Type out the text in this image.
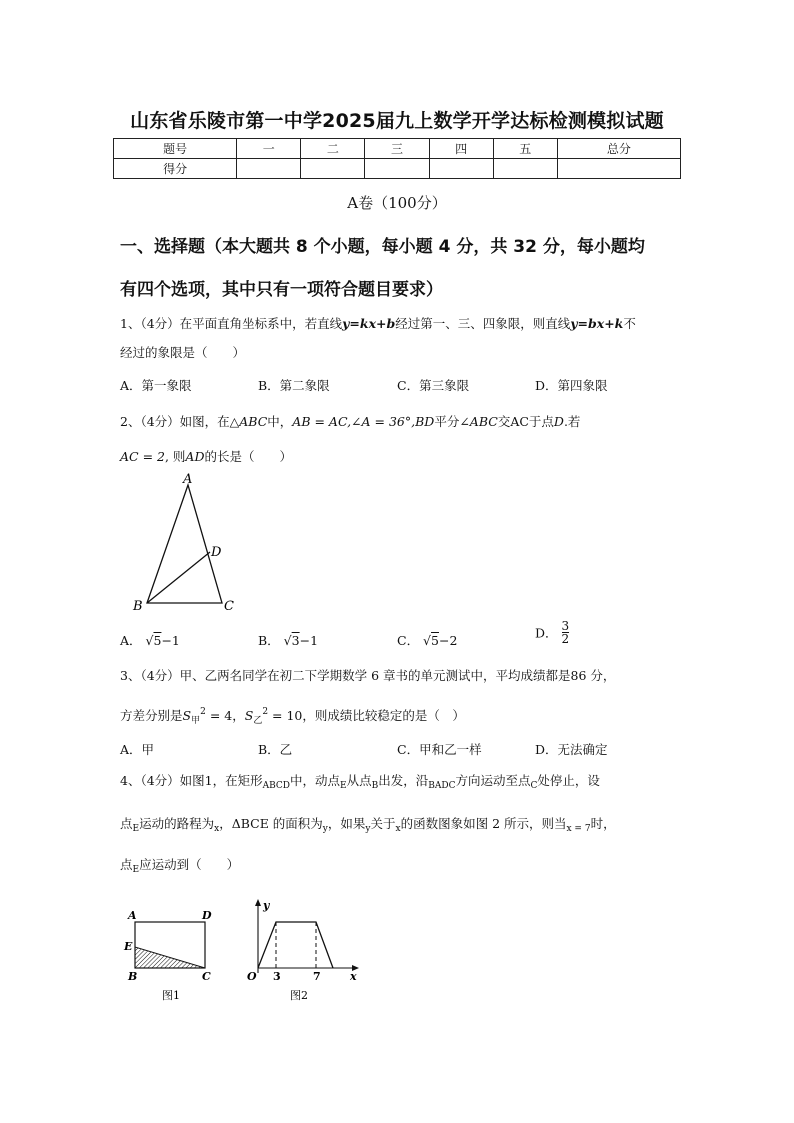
山东省乐陵市第一中学2025届九上数学开学达标检测模拟试题
题号	一	二	三	四	五	总分
得分						
A卷（100分）
一、选择题（本大题共 8 个小题，每小题 4 分，共 32 分，每小题均
有四个选项，其中只有一项符合题目要求）
1、（4分）在平面直角坐标系中，若直线y=kx+b经过第一、三、四象限，则直线y=bx+k不
经过的象限是（　　）
A．第一象限	B．第二象限	C．第三象限	D．第四象限
2、（4分）如图，在△ABC中，AB = AC,∠A = 36°,BD平分∠ABC交AC于点D.若
AC = 2, 则AD的长是（　　）
A
D
B	C
A． √5−1	B． √3−1	C． √5−2	D． $\frac{3}{2}$
3、（4分）甲、乙两名同学在初二下学期数学 6 章书的单元测试中，平均成绩都是86 分，
方差分别是$S_甲^2 = 4$，$S_乙^2 = 10$，则成绩比较稳定的是（　）
A．甲	B．乙	C．甲和乙一样	D．无法确定
4、（4分）如图1，在矩形$_{ABCD}$中，动点$_E$从点$_B$出发，沿$_{BADC}$方向运动至点$_C$处停止，设
点$_E$运动的路程为$_x$，ΔBCE 的面积为$_y$，如果$_y$关于$_x$的函数图象如图 2 所示，则当$_{x = 7}$时，
点$_E$应运动到（　　）
A	D
E
B	C
图1
y
O 3	7	x
图2
